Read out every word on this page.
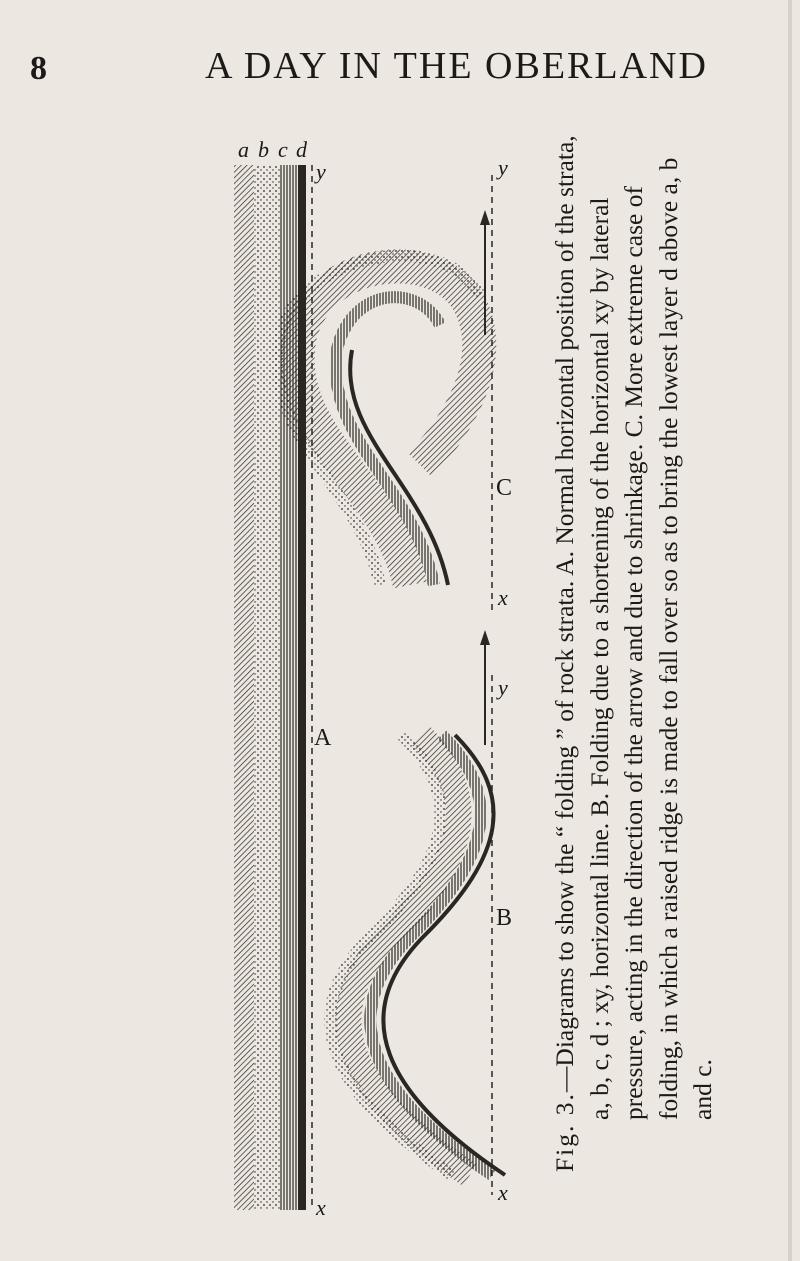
8	A DAY IN THE OBERLAND
a b c d
y
x
y
x
y
x
A
B
C

Fig. 3.—Diagrams to show the “ folding ” of rock strata. A. Normal horizontal position of the strata, a, b, c, d ; xy, horizontal line. B. Folding due to a shortening of the horizontal xy by lateral pressure, acting in the direction of the arrow and due to shrinkage. C. More extreme case of folding, in which a raised ridge is made to fall over so as to bring the lowest layer d above a, b and c.
